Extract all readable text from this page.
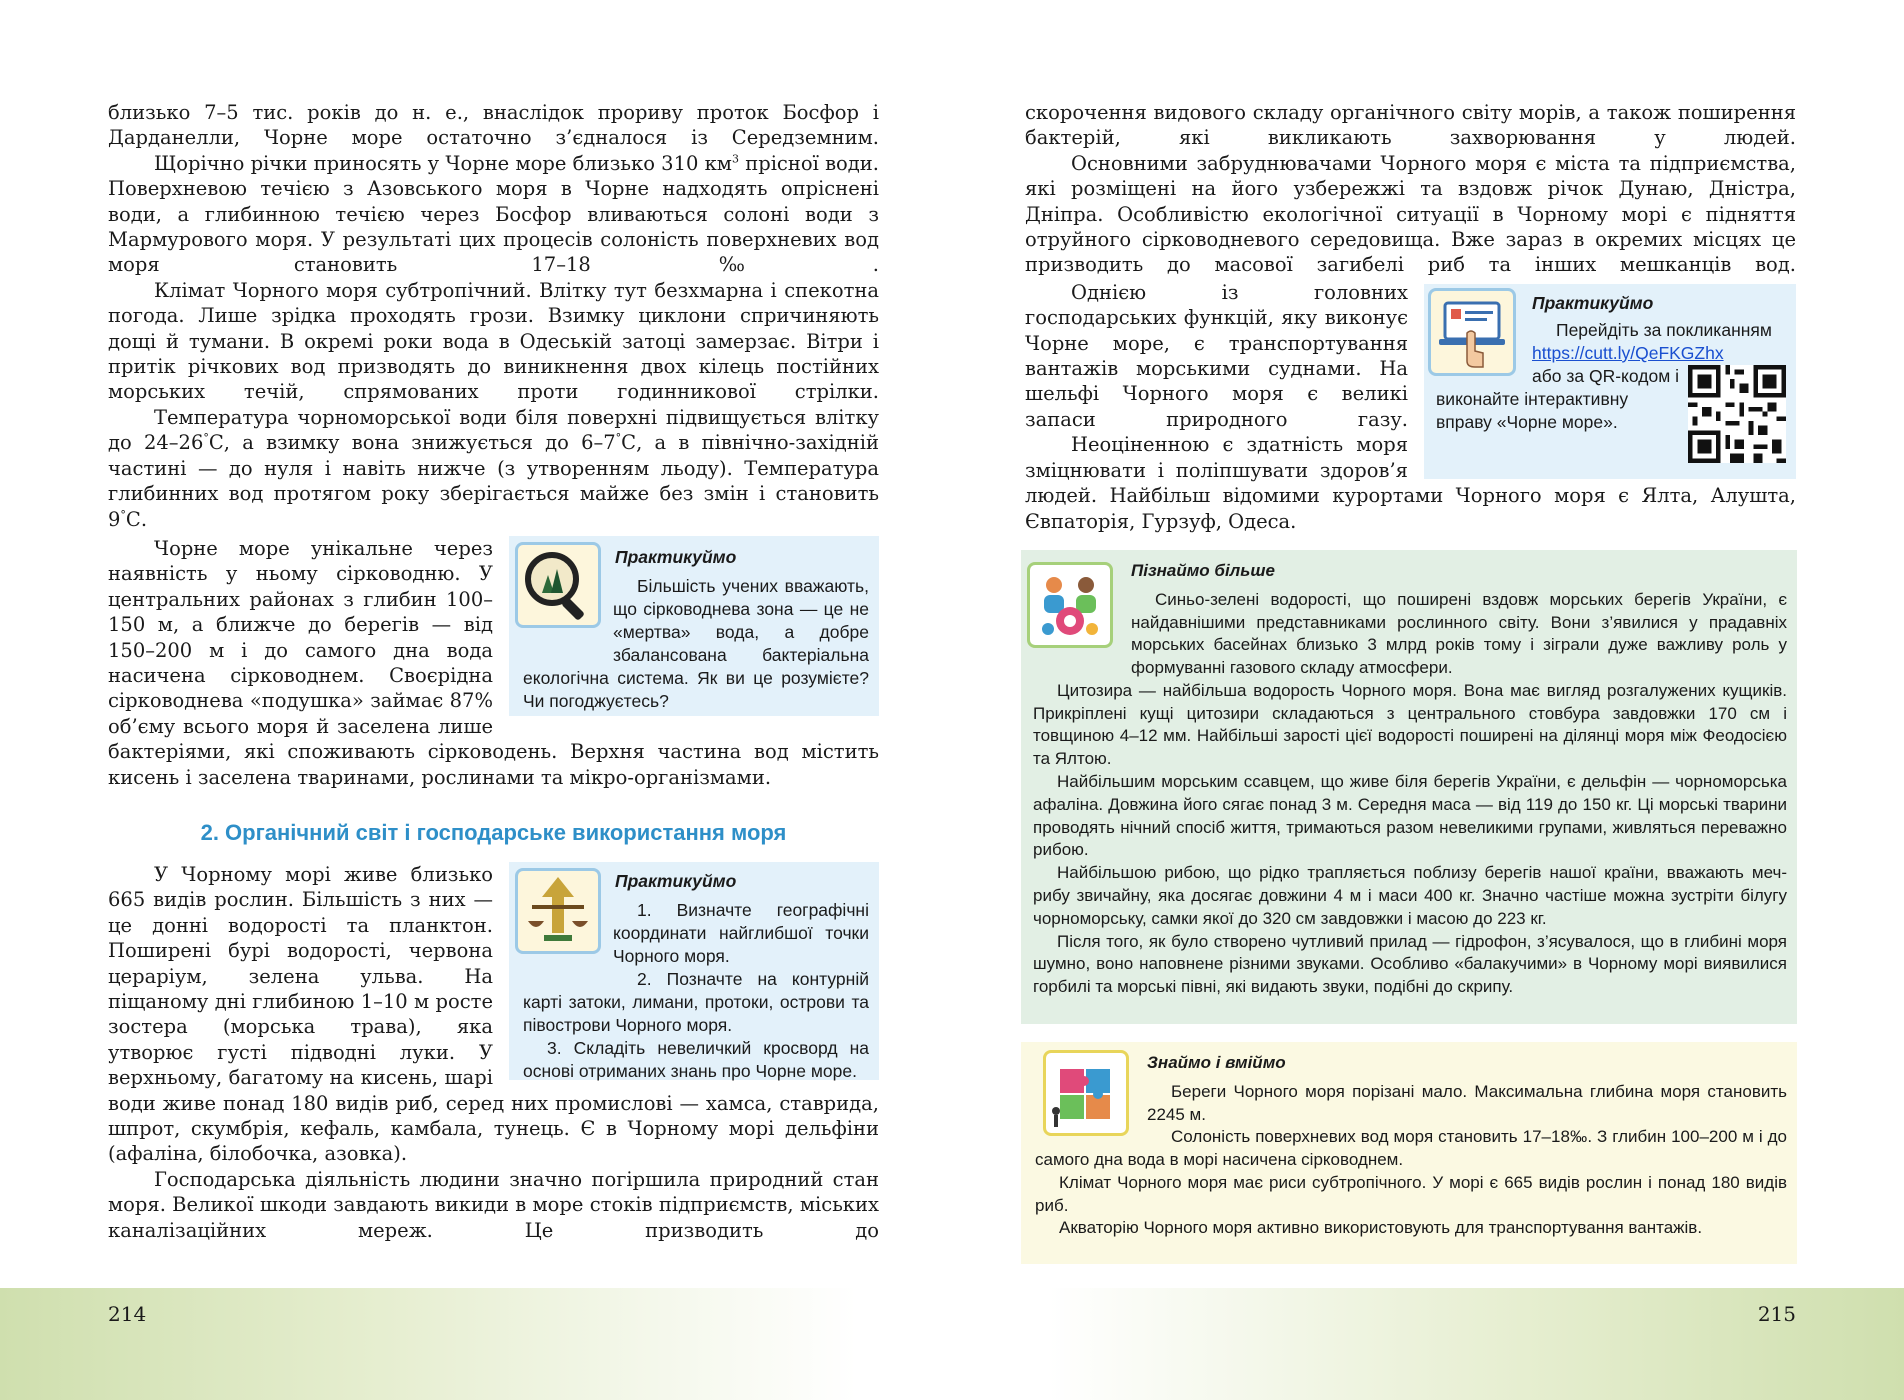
близько 7–5 тис. років до н. е., внаслідок прориву проток Босфор і Дарданелли, Чорне море остаточно з’єдналося із Середземним.

Щорічно річки приносять у Чорне море близько 310 $км^3$ прісної води. Поверхневою течією з Азовського моря в Чорне надходять опріснені води, а глибинною течією через Босфор вливаються солоні води з Мармурового моря. У результаті цих процесів солоність поверхневих вод моря становить 17–18‰.

Клімат Чорного моря субтропічний. Влітку тут безхмарна і спекотна погода. Лише зрідка проходять грози. Взимку циклони спричиняють дощі й тумани. В окремі роки вода в Одеській затоці замерзає. Вітри і притік річкових вод призводять до виникнення двох кілець постійних морських течій, спрямованих проти годинникової стрілки.

Температура чорноморської води біля поверхні підвищується влітку до 24–26°С, а взимку вона знижується до 6–7°С, а в північно-західній частині — до нуля і навіть нижче (з утворенням льоду). Температура глибинних вод протягом року зберігається майже без змін і становить 9°С.

Практикуймо

Більшість учених вважають, що сірководнева зона — це не «мертва» вода, а добре збалансована бактеріальна екологічна система. Як ви це розумієте? Чи погоджуєтесь?

Чорне море унікальне через наявність у ньому сірководню. У центральних районах з глибин 100–150 м, а ближче до берегів — від 150–200 м і до самого дна вода насичена сірководнем. Своєрідна сірководнева «подушка» займає 87% об’єму всього моря й заселена лише бактеріями, які споживають сірководень. Верхня частина вод містить кисень і заселена тваринами, рослинами та мікро-організмами.

2. Органічний світ і господарське використання моря

Практикуймо

1. Визначте географічні координати найглибшої точки Чорного моря.

2. Позначте на контурній карті затоки, лимани, протоки, острови та півострови Чорного моря.

3. Складіть невеличкий кросворд на основі отриманих знань про Чорне море.

У Чорному морі живе близько 665 видів рослин. Більшість з них — це донні водорості та планктон. Поширені бурі водорості, червона цераріум, зелена ульва. На піщаному дні глибиною 1–10 м росте зостера (морська трава), яка утворює густі підводні луки. У верхньому, багатому на кисень, шарі води живе понад 180 видів риб, серед них промислові — хамса, ставрида, шпрот, скумбрія, кефаль, камбала, тунець. Є в Чорному морі дельфіни (афаліна, білобочка, азовка).

Господарська діяльність людини значно погіршила природний стан моря. Великої шкоди завдають викиди в море стоків підприємств, міських каналізаційних мереж. Це призводить до

скорочення видового складу органічного світу морів, а також поширення бактерій, які викликають захворювання у людей.

Основними забруднювачами Чорного моря є міста та підприємства, які розміщені на його узбережжі та вздовж річок Дунаю, Дністра, Дніпра. Особливістю екологічної ситуації в Чорному морі є підняття отруйного сірководневого середовища. Вже зараз в окремих місцях це призводить до масової загибелі риб та інших мешканців вод.

Практикуймо

Перейдіть за покликанням

https://cutt.ly/QeFKGZhx

або за QR-кодом і виконайте інтерактивну вправу «Чорне море».

Однією із головних господарських функцій, яку виконує Чорне море, є транспортування вантажів морськими суднами. На шельфі Чорного моря є великі запаси природного газу.

Неоціненною є здатність моря зміцнювати і поліпшувати здоров’я людей. Найбільш відомими курортами Чорного моря є Ялта, Алушта, Євпаторія, Гурзуф, Одеса.

Пізнаймо більше

Синьо-зелені водорості, що поширені вздовж морських берегів України, є найдавнішими представниками рослинного світу. Вони з’явилися у прадавніх морських басейнах близько 3 млрд років тому і зіграли дуже важливу роль у формуванні газового складу атмосфери.

Цитозира — найбільша водорость Чорного моря. Вона має вигляд розгалужених кущиків. Прикріплені кущі цитозири складаються з центрального стовбура завдовжки 170 см і товщиною 4–12 мм. Найбільші зарості цієї водорості поширені на ділянці моря між Феодосією та Ялтою.

Найбільшим морським ссавцем, що живе біля берегів України, є дельфін — чорноморська афаліна. Довжина його сягає понад 3 м. Середня маса — від 119 до 150 кг. Ці морські тварини проводять нічний спосіб життя, тримаються разом невеликими групами, живляться переважно рибою.

Найбільшою рибою, що рідко трапляється поблизу берегів нашої країни, вважають меч-рибу звичайну, яка досягає довжини 4 м і маси 400 кг. Значно частіше можна зустріти білугу чорноморську, самки якої до 320 см завдовжки і масою до 223 кг.

Після того, як було створено чутливий прилад — гідрофон, з’ясувалося, що в глибині моря шумно, воно наповнене різними звуками. Особливо «балакучими» в Чорному морі виявилися горбилі та морські півні, які видають звуки, подібні до скрипу.

Знаймо і вміймо

Береги Чорного моря порізані мало. Максимальна глибина моря становить 2245 м.

Солоність поверхневих вод моря становить 17–18‰. З глибин 100–200 м і до самого дна вода в морі насичена сірководнем.

Клімат Чорного моря має риси субтропічного. У морі є 665 видів рослин і понад 180 видів риб.

Акваторію Чорного моря активно використовують для транспортування вантажів.

214	215
